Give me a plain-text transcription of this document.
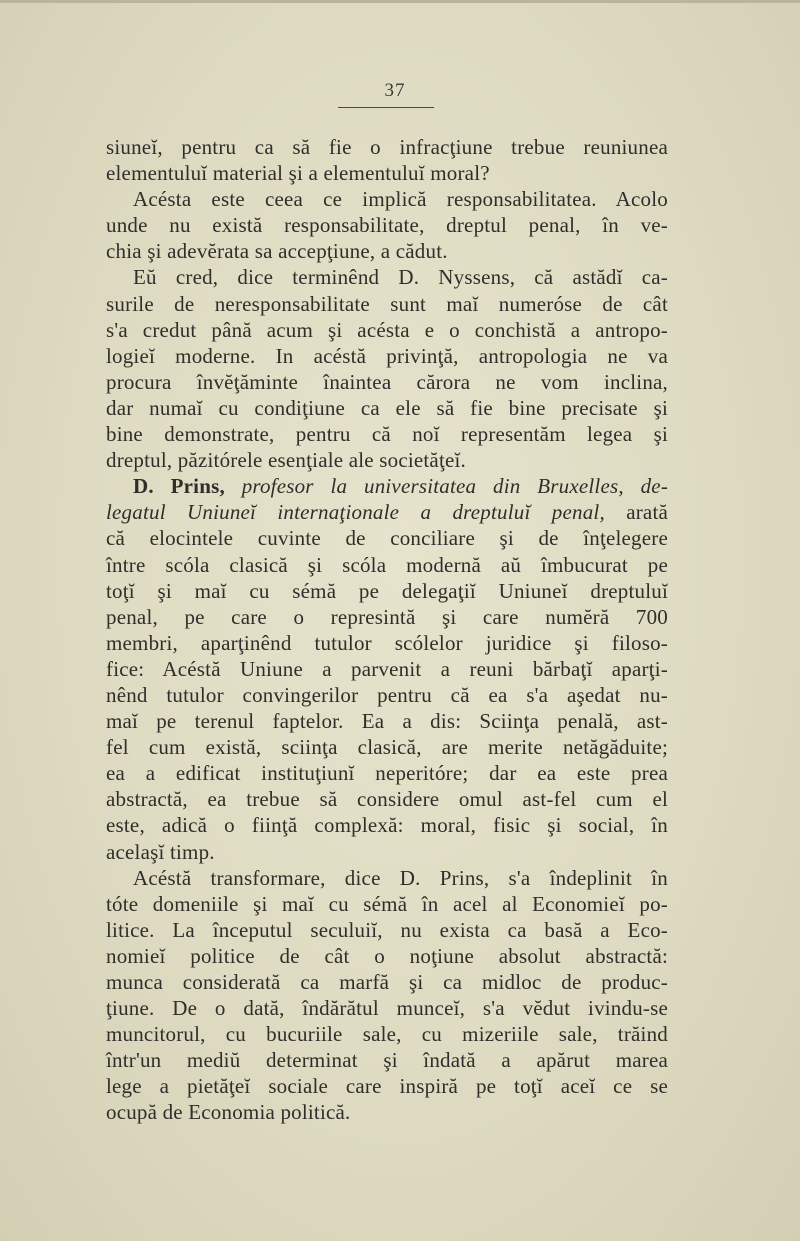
37
siuneĭ, pentru ca să fie o infracţiune trebue reuniunea
elementuluĭ material şi a elementuluĭ moral?
Acésta este ceea ce implică responsabilitatea. Acolo
unde nu există responsabilitate, dreptul penal, în ve-
chia şi adevĕrata sa accepţiune, a cădut.
Eŭ cred, dice terminênd D. Nyssens, că astădĭ ca-
surile de neresponsabilitate sunt maĭ numeróse de cât
s'a credut până acum şi acésta e o conchistă a antropo-
logieĭ moderne. In acéstă privinţă, antropologia ne va
procura învĕţăminte înaintea cărora ne vom inclina,
dar numaĭ cu condiţiune ca ele să fie bine precisate şi
bine demonstrate, pentru că noĭ representăm legea şi
dreptul, păzitórele esenţiale ale societăţeĭ.
D. Prins, profesor la universitatea din Bruxelles, de-
legatul Uniuneĭ internaţionale a dreptuluĭ penal, arată
că elocintele cuvinte de conciliare şi de înţelegere
între scóla clasică şi scóla modernă aŭ îmbucurat pe
toţĭ şi maĭ cu sémă pe delegaţiĭ Uniuneĭ dreptuluĭ
penal, pe care o represintă şi care numĕră 700
membri, aparţinênd tutulor scólelor juridice şi filoso-
fice: Acéstă Uniune a parvenit a reuni bărbaţĭ aparţi-
nênd tutulor convingerilor pentru că ea s'a aşedat nu-
maĭ pe terenul faptelor. Ea a dis: Sciinţa penală, ast-
fel cum există, sciinţa clasică, are merite netăgăduite;
ea a edificat instituţiunĭ neperitóre; dar ea este prea
abstractă, ea trebue să considere omul ast-fel cum el
este, adică o fiinţă complexă: moral, fisic şi social, în
acelaşĭ timp.
Acéstă transformare, dice D. Prins, s'a îndeplinit în
tóte domeniile şi maĭ cu sémă în acel al Economieĭ po-
litice. La începutul seculuiĭ, nu exista ca basă a Eco-
nomieĭ politice de cât o noţiune absolut abstractă:
munca considerată ca marfă şi ca midloc de produc-
ţiune. De o dată, îndărătul munceĭ, s'a vĕdut ivindu-se
muncitorul, cu bucuriile sale, cu mizeriile sale, trăind
într'un mediŭ determinat şi îndată a apărut marea
lege a pietăţeĭ sociale care inspiră pe toţĭ aceĭ ce se
ocupă de Economia politică.
